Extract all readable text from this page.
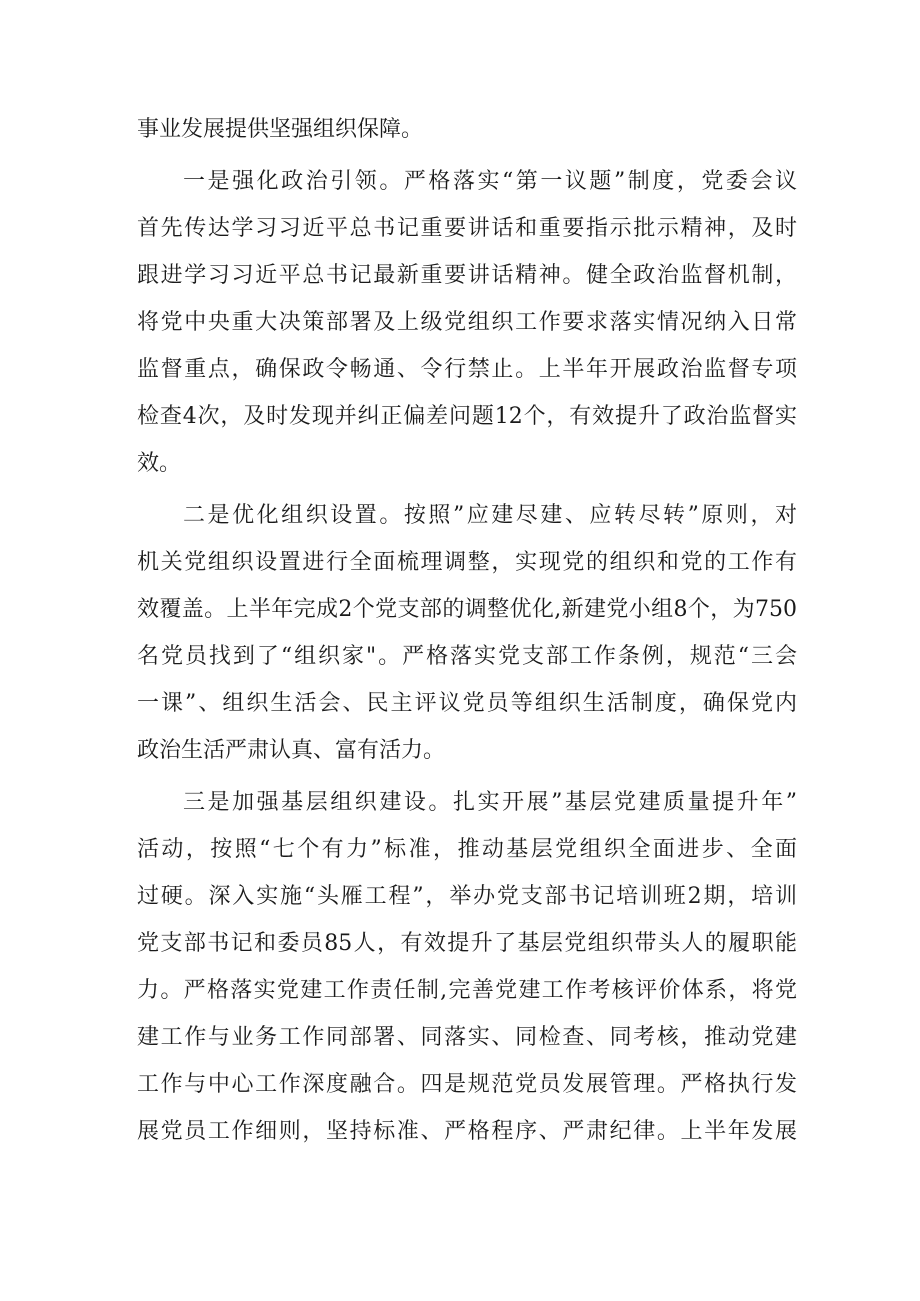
事业发展提供坚强组织保障。
一是强化政治引领。严格落实“第一议题”制度，党委会议
首先传达学习习近平总书记重要讲话和重要指示批示精神，及时
跟进学习习近平总书记最新重要讲话精神。健全政治监督机制，
将党中央重大决策部署及上级党组织工作要求落实情况纳入日常
监督重点，确保政令畅通、令行禁止。上半年开展政治监督专项
检查4次，及时发现并纠正偏差问题12个，有效提升了政治监督实
效。
二是优化组织设置。按照”应建尽建、应转尽转”原则，对
机关党组织设置进行全面梳理调整，实现党的组织和党的工作有
效覆盖。上半年完成2个党支部的调整优化,新建党小组8个，为750
名党员找到了“组织家"。严格落实党支部工作条例，规范“三会
一课”、组织生活会、民主评议党员等组织生活制度，确保党内
政治生活严肃认真、富有活力。
三是加强基层组织建设。扎实开展”基层党建质量提升年”
活动，按照“七个有力”标准，推动基层党组织全面进步、全面
过硬。深入实施“头雁工程”，举办党支部书记培训班2期，培训
党支部书记和委员85人，有效提升了基层党组织带头人的履职能
力。严格落实党建工作责任制,完善党建工作考核评价体系，将党
建工作与业务工作同部署、同落实、同检查、同考核，推动党建
工作与中心工作深度融合。四是规范党员发展管理。严格执行发
展党员工作细则，坚持标准、严格程序、严肃纪律。上半年发展
